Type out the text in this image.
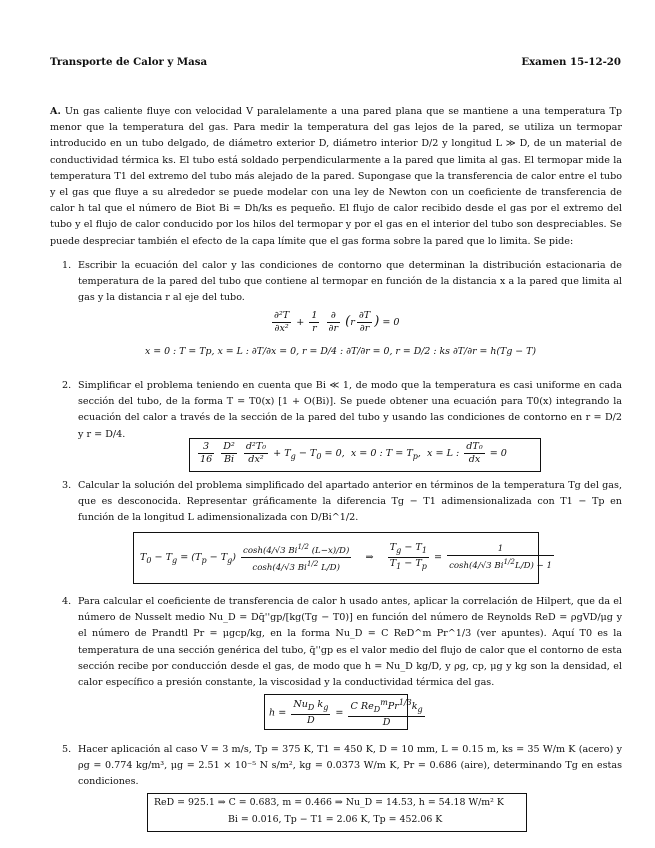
Transporte de Calor y Masa	Examen 15-12-20
A. Un gas caliente fluye con velocidad V paralelamente a una pared plana que se mantiene a una temperatura Tp menor que la temperatura del gas. Para medir la temperatura del gas lejos de la pared, se utiliza un termopar introducido en un tubo delgado, de diámetro exterior D, diámetro interior D/2 y longitud L ≫ D, de un material de conductividad térmica ks. El tubo está soldado perpendicularmente a la pared que limita al gas. El termopar mide la temperatura T1 del extremo del tubo más alejado de la pared. Supongase que la transferencia de calor entre el tubo y el gas que fluye a su alrededor se puede modelar con una ley de Newton con un coeficiente de transferencia de calor h tal que el número de Biot Bi = Dh/ks es pequeño. El flujo de calor recibido desde el gas por el extremo del tubo y el flujo de calor conducido por los hilos del termopar y por el gas en el interior del tubo son despreciables. Se puede despreciar también el efecto de la capa límite que el gas forma sobre la pared que lo limita. Se pide:
1. Escribir la ecuación del calor y las condiciones de contorno que determinan la distribución estacionaria de temperatura de la pared del tubo que contiene al termopar en función de la distancia x a la pared que limita al gas y la distancia r al eje del tubo.
$\frac{\text{∂²T}}{\text{∂x²}} + \frac{1}{r}$
$\frac{\partial}{\partial r} (r \frac{\partial T}{\partial r}$ ) = 0
x = 0 : T = Tp, x = L : ∂T/∂x = 0, r = D/4 : ∂T/∂r = 0, r = D/2 : ks ∂T/∂r = h(Tg − T)
2. Simplificar el problema teniendo en cuenta que Bi ≪ 1, de modo que la temperatura es casi uniforme en cada sección del tubo, de la forma T = T0(x) [1 + O(Bi)]. Se puede obtener una ecuación para T0(x) integrando la ecuación del calor a través de la sección de la pared del tubo y usando las condiciones de contorno en r = D/2 y r = D/4.
$\frac{3}{16}$
$\frac{\text{D²}}{Bi}$
$\frac{\text{d²T₀}}{\text{dx²}} + T_g - T_0 = 0$,  x = 0 : $T = T_p$,  x = L : $\frac{\text{dT₀}}{dx} = 0$
3. Calcular la solución del problema simplificado del apartado anterior en términos de la temperatura Tg del gas, que es desconocida. Representar gráficamente la diferencia Tg − T1 adimensionalizada con T1 − Tp en función de la longitud L adimensionalizada con D/Bi^1/2.
$T_0 - T_g = (T_p - T_g) \frac{\cosh(4/√3 Bi^{1/2} (L-x)/D)}{\cosh(4/√3 Bi^{1/2} L/D)}$ ⇒ $\frac{T_g - T_1}{T_1 - T_p} = \frac{1}{\cosh(4/√3 Bi^{1/2}L/D) - 1}$
4. Para calcular el coeficiente de transferencia de calor h usado antes, aplicar la correlación de Hilpert, que da el número de Nusselt medio Nu_D = Dq̄''gp/[kg(Tg − T0)] en función del número de Reynolds ReD = ρgVD/μg y el número de Prandtl Pr = μgcp/kg, en la forma Nu_D = C ReD^m Pr^1/3 (ver apuntes). Aquí T0 es la temperatura de una sección genérica del tubo, q̄''gp es el valor medio del flujo de calor que el contorno de esta sección recibe por conducción desde el gas, de modo que h = Nu_D kg/D, y ρg, cp, μg y kg son la densidad, el calor específico a presión constante, la viscosidad y la conductividad térmica del gas.
$h = \frac{Nu_D k_g}{D} = \frac{C Re_D^mPr^{1/3}k_g}{D}$
5. Hacer aplicación al caso V = 3 m/s, Tp = 375 K, T1 = 450 K, D = 10 mm, L = 0.15 m, ks = 35 W/m K (acero) y ρg = 0.774 kg/m³, μg = 2.51 × 10⁻⁵ N s/m², kg = 0.0373 W/m K, Pr = 0.686 (aire), determinando Tg en estas condiciones.
ReD = 925.1 ⇒ C = 0.683, m = 0.466 ⇒ Nu_D = 14.53, h = 54.18 W/m² K
Bi = 0.016, Tp − T1 = 2.06 K, Tp = 452.06 K
